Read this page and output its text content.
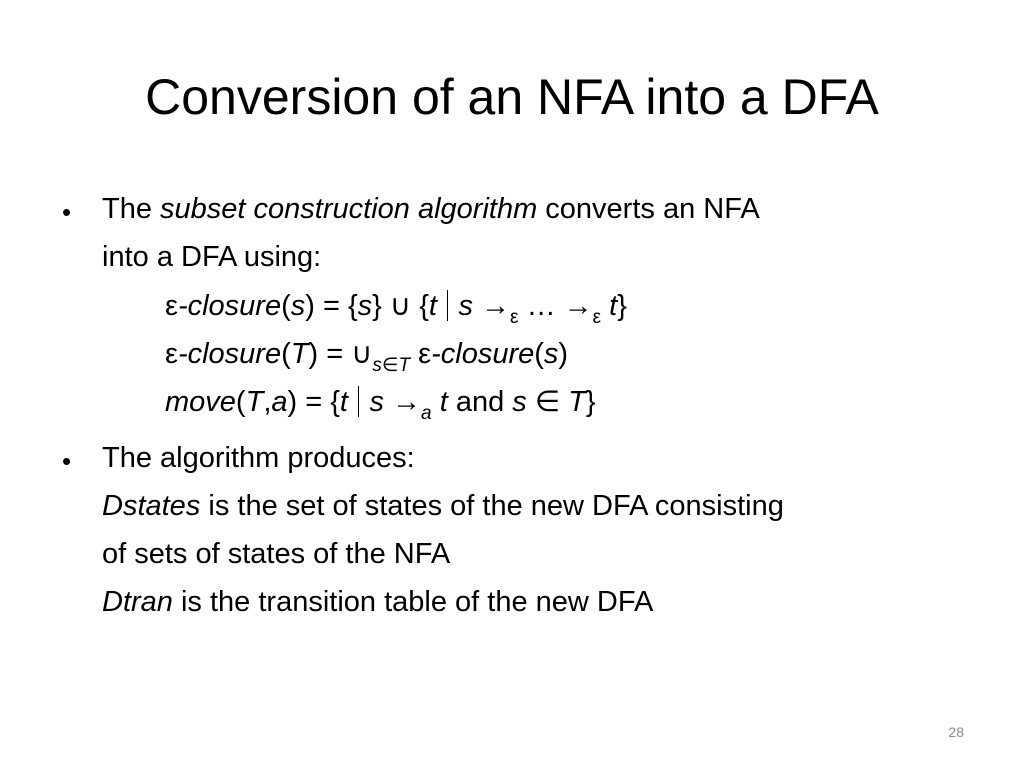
Conversion of an NFA into a DFA
• The subset construction algorithm converts an NFA
into a DFA using:
ε-closure(s) = {s} ∪ {t $s \to_\varepsilon$ … $\to_\varepsilon$ t}
ε-closure(T) = $\cup_{s\in T}$ ε-closure(s)
move(T,a) = {t $s \to_a$ t and s ∈ T}
• The algorithm produces:
Dstates is the set of states of the new DFA consisting
of sets of states of the NFA
Dtran is the transition table of the new DFA
28
